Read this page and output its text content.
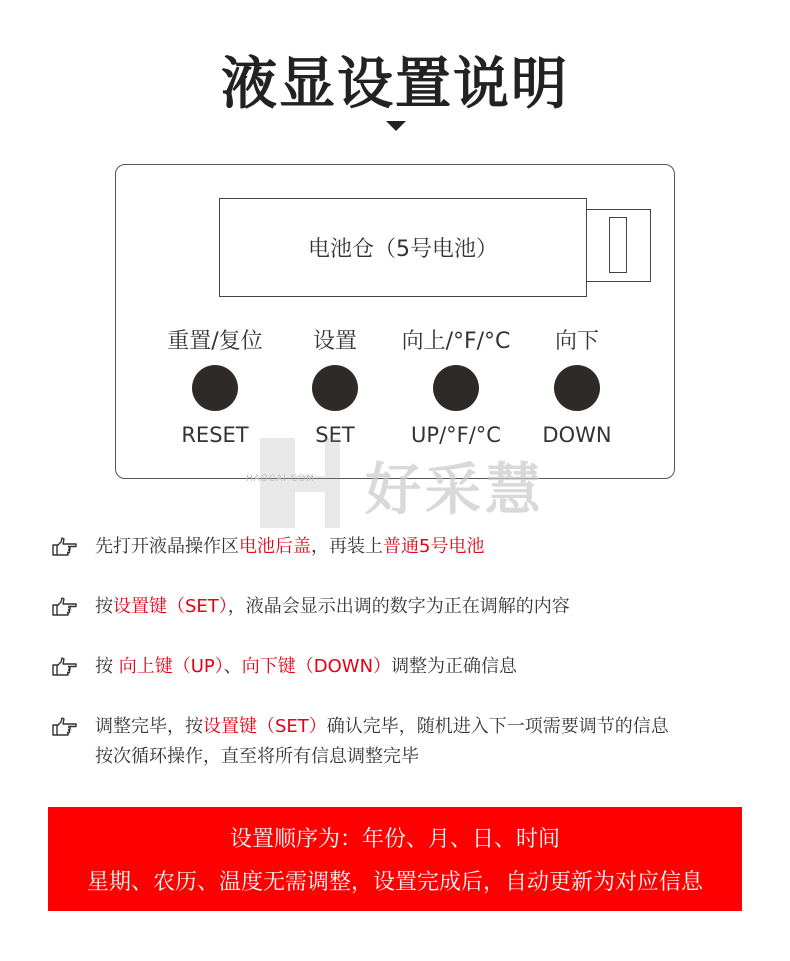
液显设置说明
电池仓（5号电池）
重置/复位
RESET
设置
SET
向上/°F/°C
UP/°F/°C
向下
DOWN
HAOCAI·COM 好采慧
先打开液晶操作区电池后盖，再装上普通5号电池
按设置键（SET），液晶会显示出调的数字为正在调解的内容
按 向上键（UP）、向下键（DOWN）调整为正确信息
调整完毕，按设置键（SET）确认完毕，随机进入下一项需要调节的信息
按次循环操作，直至将所有信息调整完毕
设置顺序为：年份、月、日、时间
星期、农历、温度无需调整，设置完成后，自动更新为对应信息
